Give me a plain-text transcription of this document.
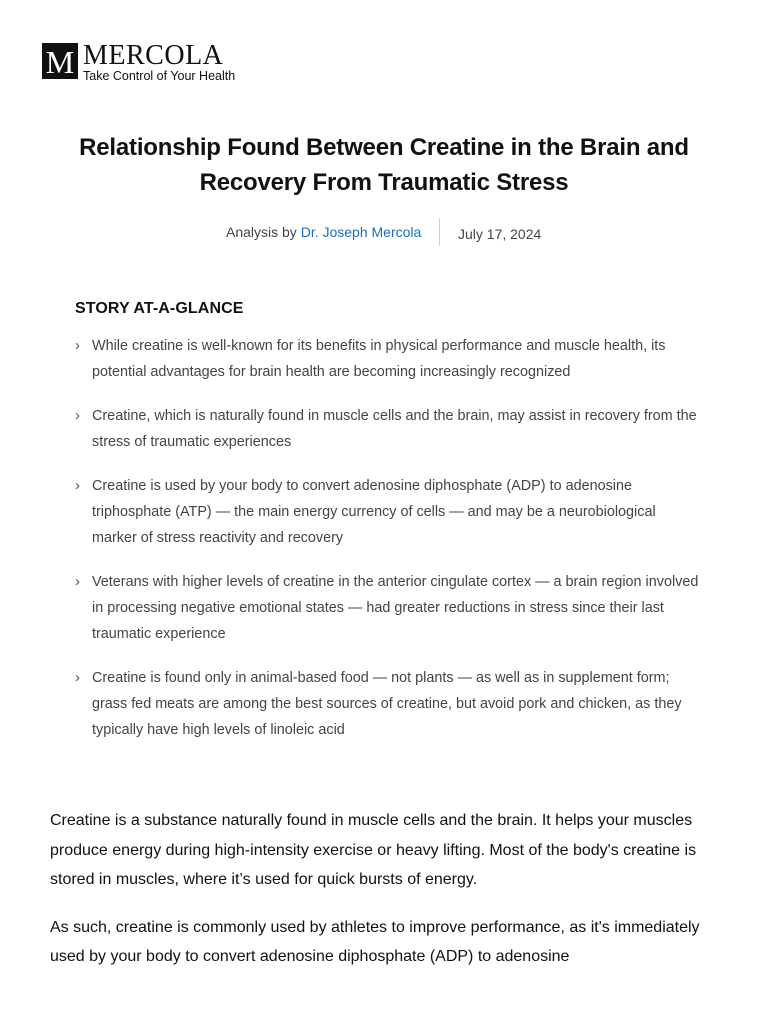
M MERCOLA
Take Control of Your Health
Relationship Found Between Creatine in the Brain and Recovery From Traumatic Stress
Analysis by Dr. Joseph Mercola	July 17, 2024
STORY AT-A-GLANCE
› While creatine is well-known for its benefits in physical performance and muscle health, its potential advantages for brain health are becoming increasingly recognized
› Creatine, which is naturally found in muscle cells and the brain, may assist in recovery from the stress of traumatic experiences
› Creatine is used by your body to convert adenosine diphosphate (ADP) to adenosine triphosphate (ATP) — the main energy currency of cells — and may be a neurobiological marker of stress reactivity and recovery
› Veterans with higher levels of creatine in the anterior cingulate cortex — a brain region involved in processing negative emotional states — had greater reductions in stress since their last traumatic experience
› Creatine is found only in animal-based food — not plants — as well as in supplement form; grass fed meats are among the best sources of creatine, but avoid pork and chicken, as they typically have high levels of linoleic acid

Creatine is a substance naturally found in muscle cells and the brain. It helps your muscles produce energy during high-intensity exercise or heavy lifting. Most of the body's creatine is stored in muscles, where it’s used for quick bursts of energy.

As such, creatine is commonly used by athletes to improve performance, as it's immediately used by your body to convert adenosine diphosphate (ADP) to adenosine
